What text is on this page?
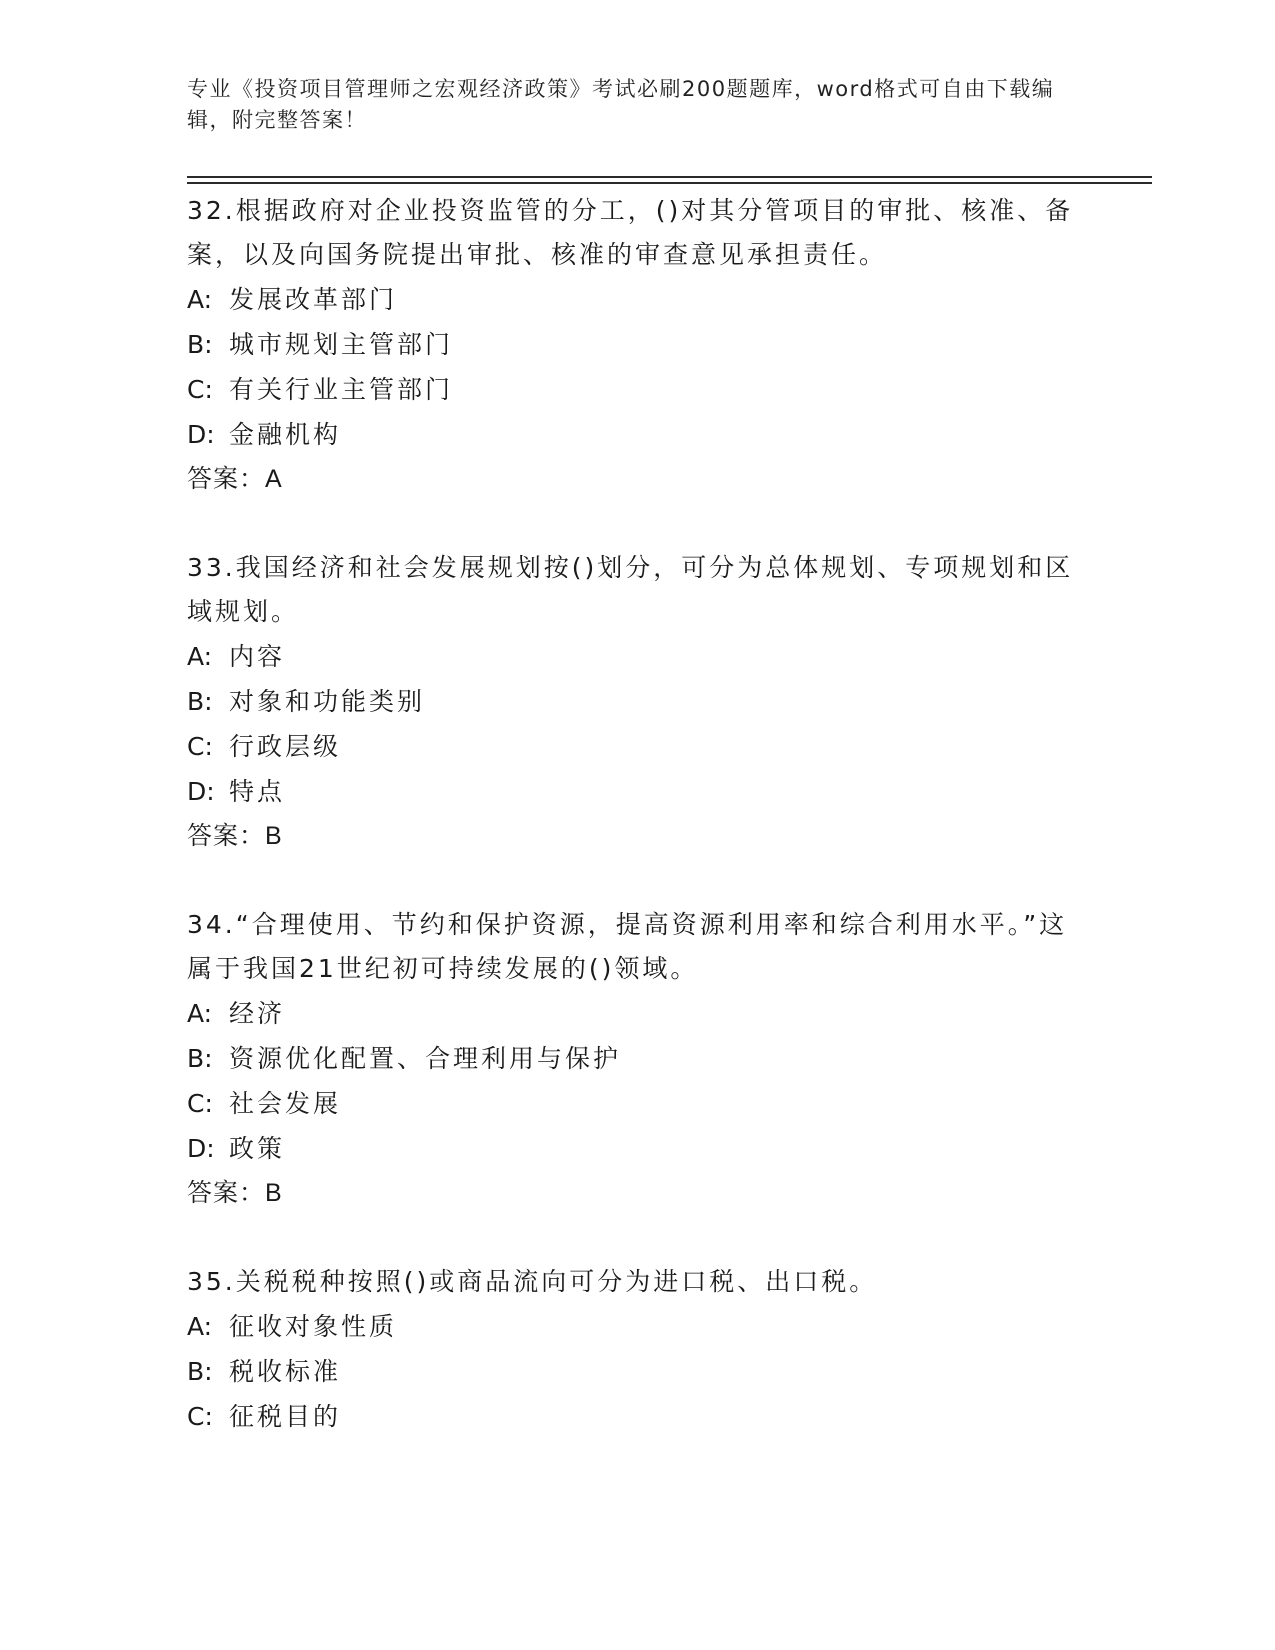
专业《投资项目管理师之宏观经济政策》考试必刷200题题库，word格式可自由下载编辑，附完整答案！

32.根据政府对企业投资监管的分工，()对其分管项目的审批、核准、备案，以及向国务院提出审批、核准的审查意见承担责任。

A: 发展改革部门
B: 城市规划主管部门
C: 有关行业主管部门
D: 金融机构
答案：A

33.我国经济和社会发展规划按()划分，可分为总体规划、专项规划和区域规划。

A: 内容
B: 对象和功能类别
C: 行政层级
D: 特点
答案：B

34.“合理使用、节约和保护资源，提高资源利用率和综合利用水平。”这属于我国21世纪初可持续发展的()领域。

A: 经济
B: 资源优化配置、合理利用与保护
C: 社会发展
D: 政策
答案：B

35.关税税种按照()或商品流向可分为进口税、出口税。

A: 征收对象性质
B: 税收标准
C: 征税目的
